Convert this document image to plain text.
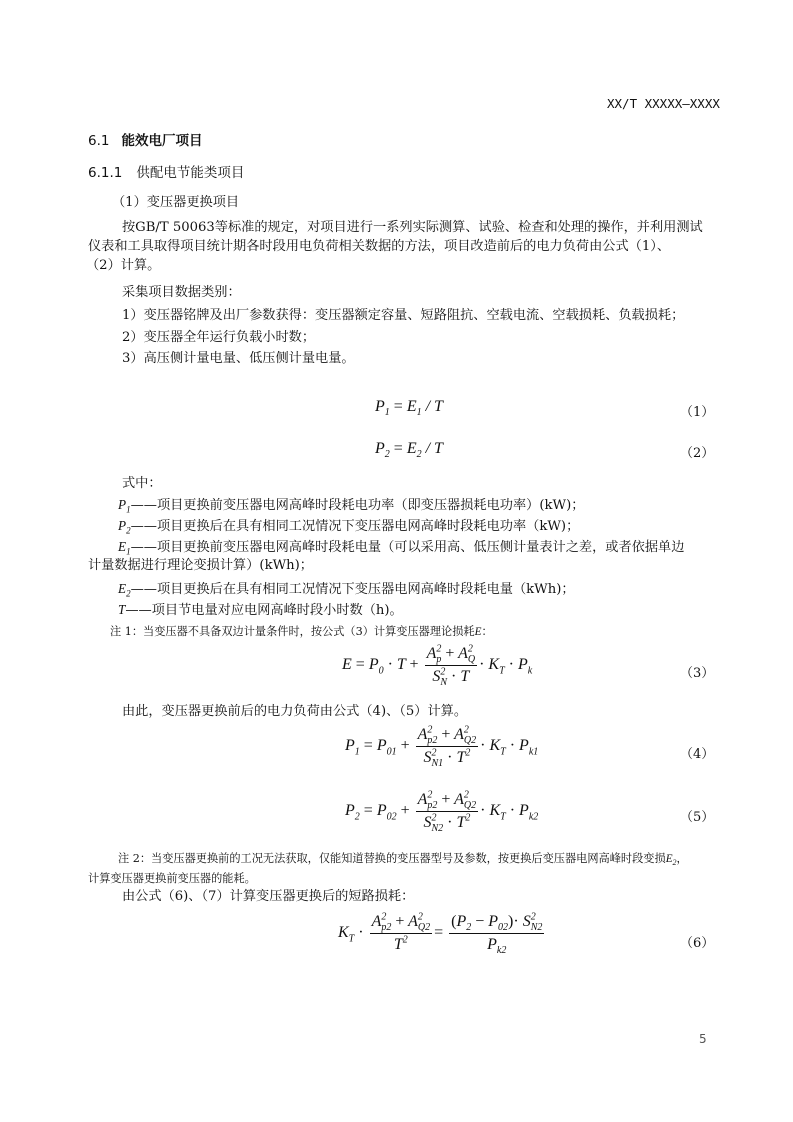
XX/T XXXXX—XXXX
6.1 能效电厂项目
6.1.1 供配电节能类项目
（1）变压器更换项目
按GB/T 50063等标准的规定，对项目进行一系列实际测算、试验、检查和处理的操作，并利用测试
仪表和工具取得项目统计期各时段用电负荷相关数据的方法，项目改造前后的电力负荷由公式（1）、
（2）计算。
采集项目数据类别：
1）变压器铭牌及出厂参数获得：变压器额定容量、短路阻抗、空载电流、空载损耗、负载损耗；
2）变压器全年运行负载小时数；
3）高压侧计量电量、低压侧计量电量。
$P_1 = E_1 / T$	（1）
$P_2 = E_2 / T$	（2）
式中：
$P_1——$项目更换前变压器电网高峰时段耗电功率（即变压器损耗电功率）(kW)；
$P_2——$项目更换后在具有相同工况情况下变压器电网高峰时段耗电功率（kW)；
$E_1——$项目更换前变压器电网高峰时段耗电量（可以采用高、低压侧计量表计之差，或者依据单边
计量数据进行理论变损计算）(kWh)；
$E_2——$项目更换后在具有相同工况情况下变压器电网高峰时段耗电量（kWh)；
T——项目节电量对应电网高峰时段小时数（h)。
注 1：当变压器不具备双边计量条件时，按公式（3）计算变压器理论损耗E：
$E = P_0 \cdot T + \frac{A^2_p + A^2_Q}{S^2_N \cdot T} \cdot K_T \cdot P_k$	（3）
由此，变压器更换前后的电力负荷由公式（4)、（5）计算。
$P_1 = P_{01} + \frac{A^2_{p2} + A^2_{Q2}}{S^2_{N1} \cdot T^2} \cdot K_T \cdot P_{k1}$	（4）
$P_2 = P_{02} + \frac{A^2_{p2} + A^2_{Q2}}{S^2_{N2} \cdot T^2} \cdot K_T \cdot P_{k2}$	（5）
注 2：当变压器更换前的工况无法获取，仅能知道替换的变压器型号及参数，按更换后变压器电网高峰时段变损$E_2$，
计算变压器更换前变压器的能耗。
由公式（6)、（7）计算变压器更换后的短路损耗：
$K_T \cdot \frac{A^2_{p2} + A^2_{Q2}}{T^2} = \frac{(P_2 - P_{02})\cdot S^2_{N2}}{P_{k2}}$	（6）
5
